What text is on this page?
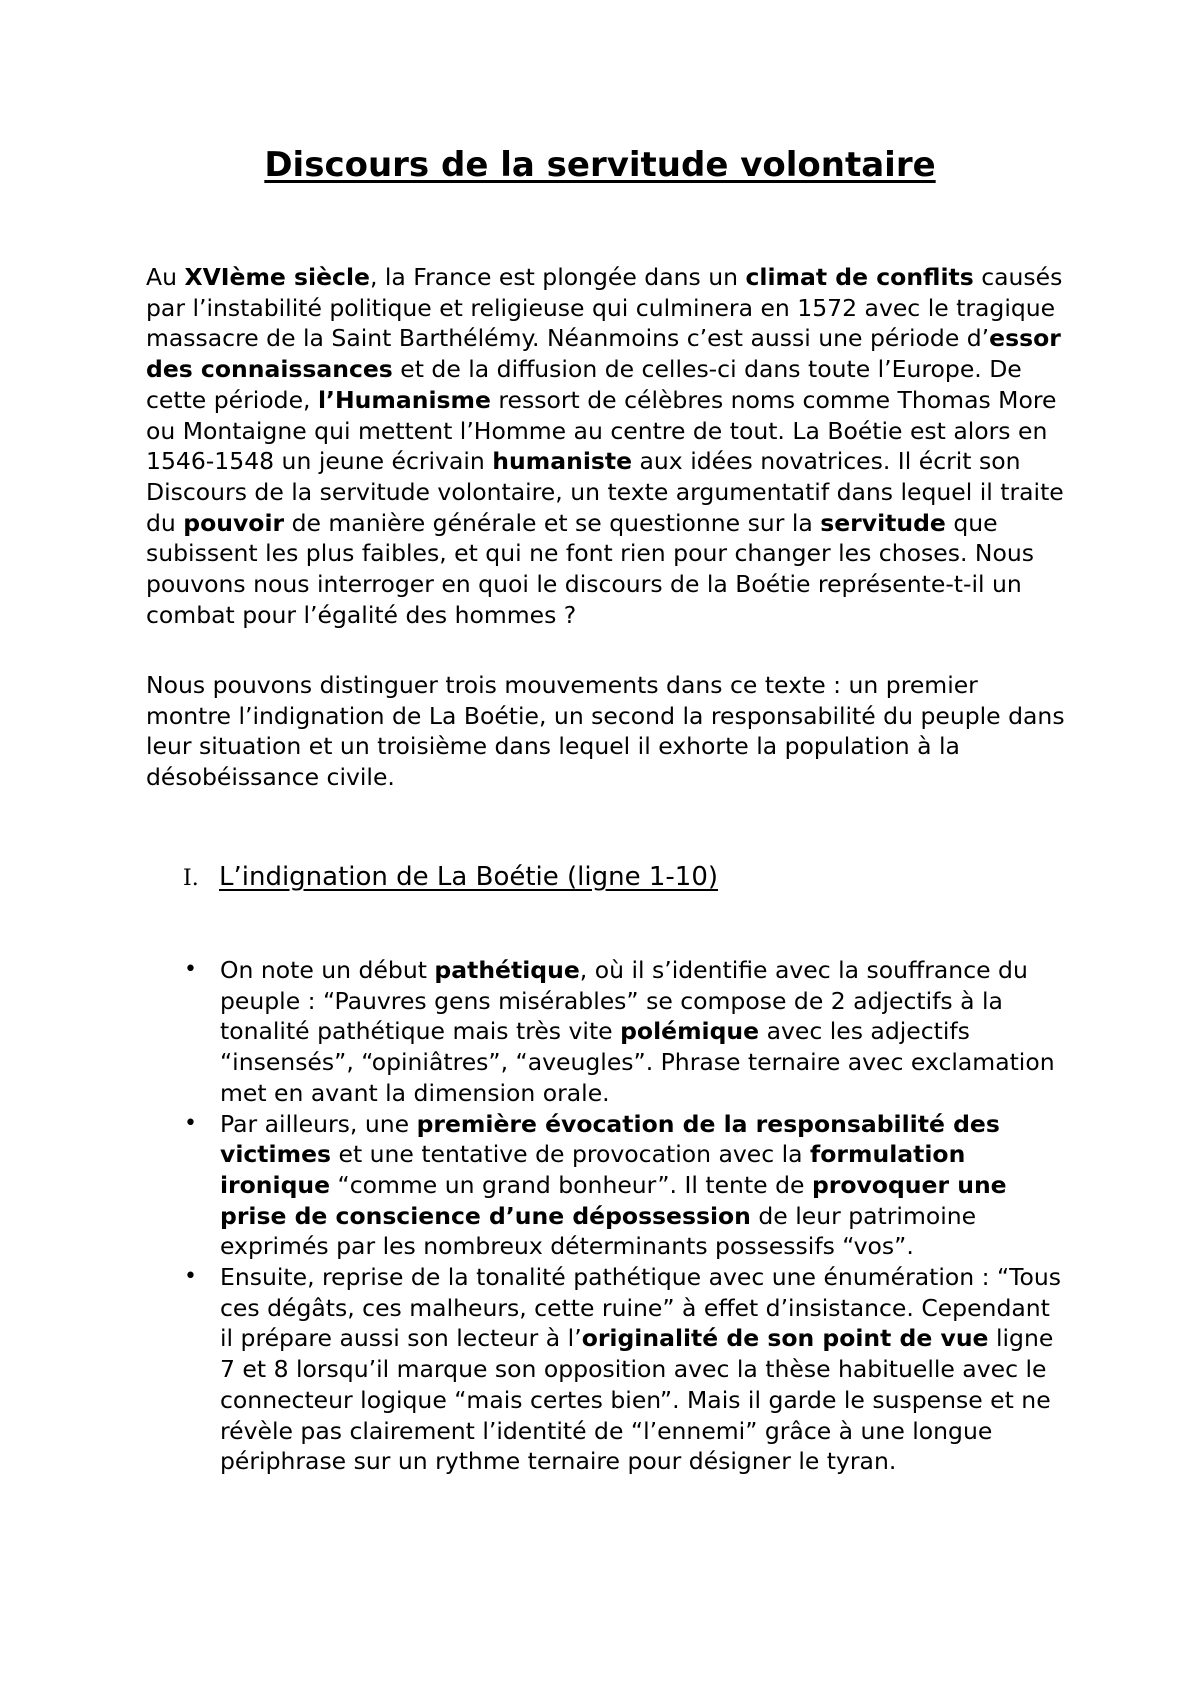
Discours de la servitude volontaire

Au XVIème siècle, la France est plongée dans un climat de conflits causés par l’instabilité politique et religieuse qui culminera en 1572 avec le tragique massacre de la Saint Barthélémy. Néanmoins c’est aussi une période d’essor des connaissances et de la diffusion de celles-ci dans toute l’Europe. De cette période, l’Humanisme ressort de célèbres noms comme Thomas More ou Montaigne qui mettent l’Homme au centre de tout. La Boétie est alors en 1546-1548 un jeune écrivain humaniste aux idées novatrices. Il écrit son Discours de la servitude volontaire, un texte argumentatif dans lequel il traite du pouvoir de manière générale et se questionne sur la servitude que subissent les plus faibles, et qui ne font rien pour changer les choses. Nous pouvons nous interroger en quoi le discours de la Boétie représente-t-il un combat pour l’égalité des hommes ?

Nous pouvons distinguer trois mouvements dans ce texte : un premier montre l’indignation de La Boétie, un second la responsabilité du peuple dans leur situation et un troisième dans lequel il exhorte la population à la désobéissance civile.

I. L’indignation de La Boétie (ligne 1-10)
• On note un début pathétique, où il s’identifie avec la souffrance du peuple : “Pauvres gens misérables” se compose de 2 adjectifs à la tonalité pathétique mais très vite polémique avec les adjectifs “insensés”, “opiniâtres”, “aveugles”. Phrase ternaire avec exclamation met en avant la dimension orale.
• Par ailleurs, une première évocation de la responsabilité des victimes et une tentative de provocation avec la formulation ironique “comme un grand bonheur”. Il tente de provoquer une prise de conscience d’une dépossession de leur patrimoine exprimés par les nombreux déterminants possessifs “vos”.
• Ensuite, reprise de la tonalité pathétique avec une énumération : “Tous ces dégâts, ces malheurs, cette ruine” à effet d’insistance. Cependant il prépare aussi son lecteur à l’originalité de son point de vue ligne 7 et 8 lorsqu’il marque son opposition avec la thèse habituelle avec le connecteur logique “mais certes bien”. Mais il garde le suspense et ne révèle pas clairement l’identité de “l’ennemi” grâce à une longue périphrase sur un rythme ternaire pour désigner le tyran.
